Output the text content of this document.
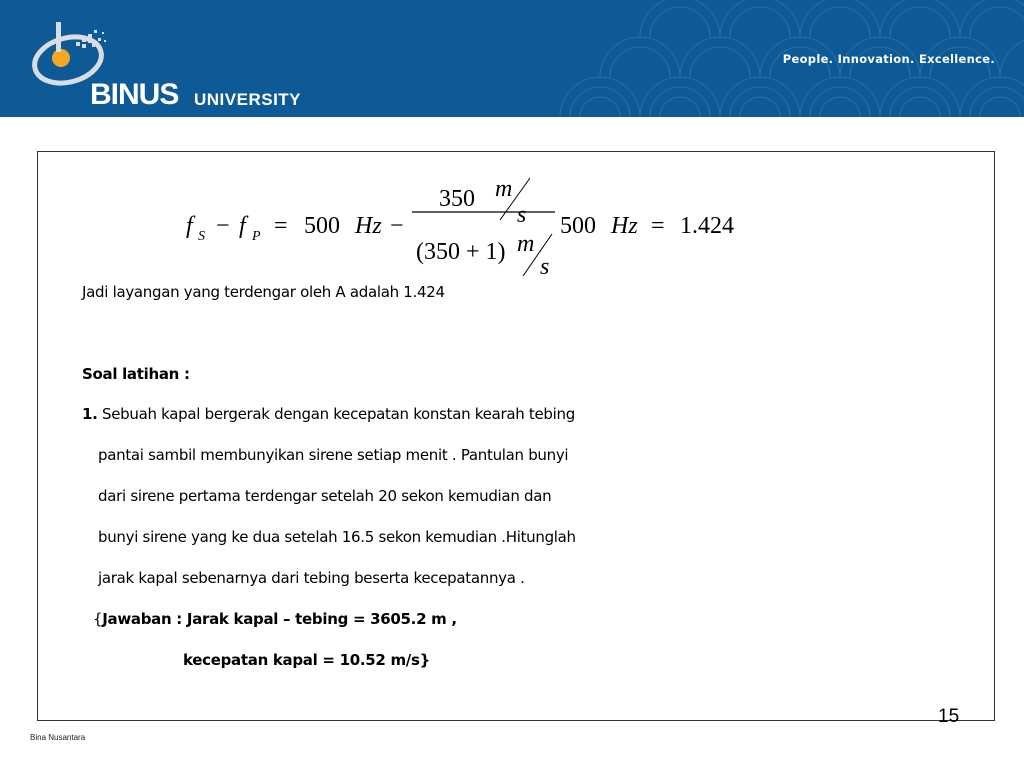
BINUS UNIVERSITY
People. Innovation. Excellence.
f S − f P = 500 Hz −
350 m
s
(350 + 1) m
s
500 Hz = 1.424
Jadi layangan yang terdengar oleh A adalah 1.424
Soal latihan :
1. Sebuah kapal bergerak dengan kecepatan konstan kearah tebing
pantai sambil membunyikan sirene setiap menit . Pantulan bunyi
dari sirene pertama terdengar setelah 20 sekon kemudian dan
bunyi sirene yang ke dua setelah 16.5 sekon kemudian .Hitunglah
jarak kapal sebenarnya dari tebing beserta kecepatannya .
{Jawaban : Jarak kapal – tebing = 3605.2 m ,
kecepatan kapal = 10.52 m/s}
15
Bina Nusantara
